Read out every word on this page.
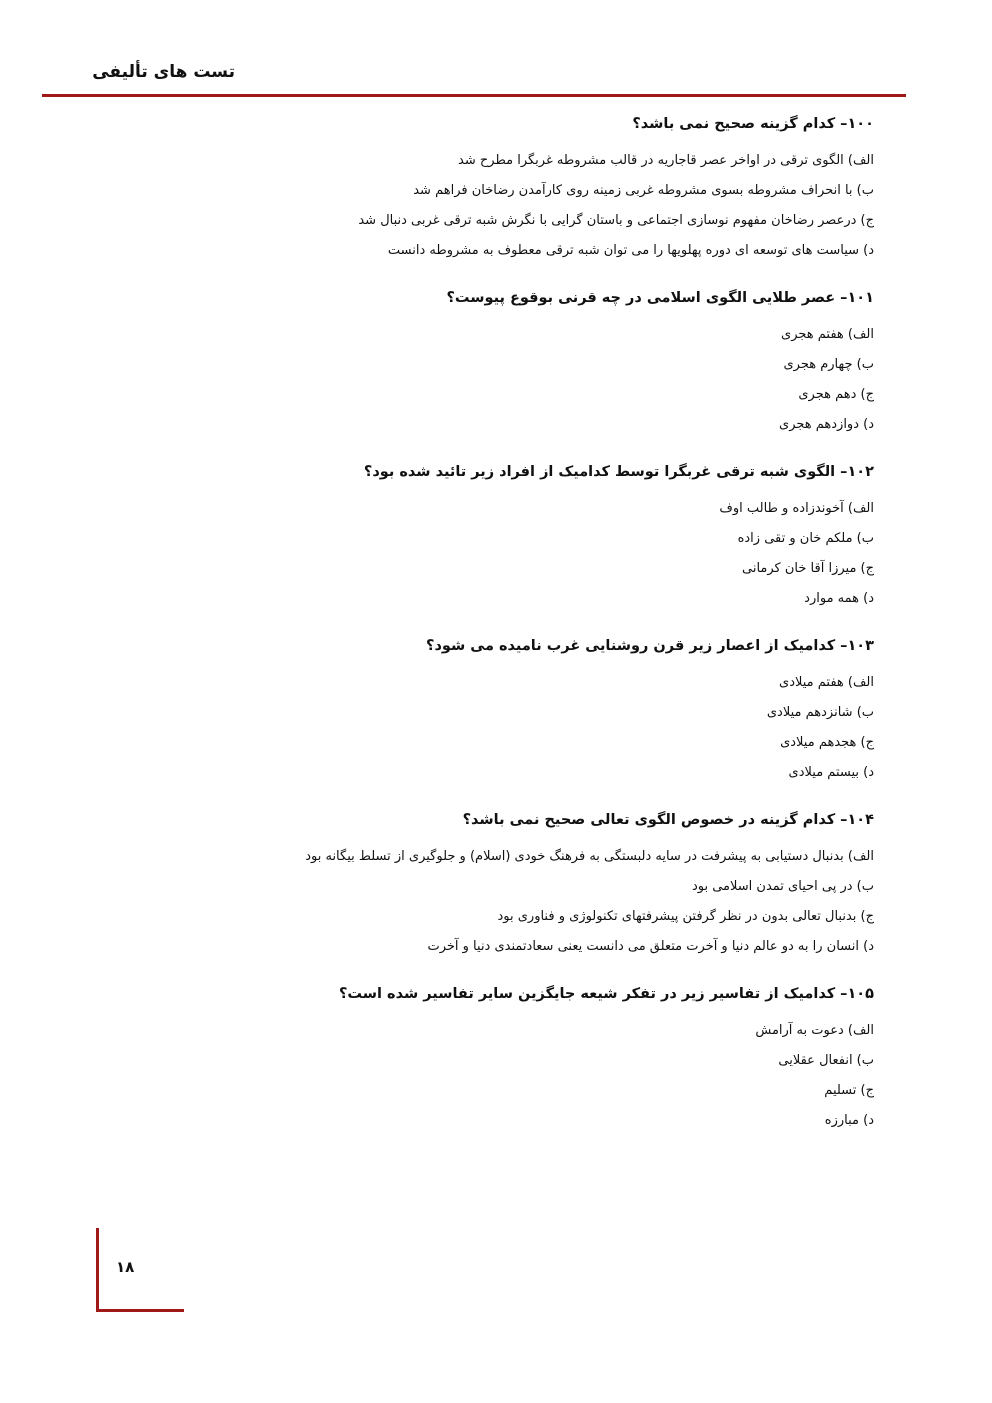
تست های تألیفی
۱۰۰– کدام گزینه صحیح نمی باشد؟
الف) الگوی ترقی در اواخر عصر قاجاریه در قالب مشروطه غربگرا مطرح شد
ب) با انحراف مشروطه بسوی مشروطه غربی زمینه روی کارآمدن رضاخان فراهم شد
ج) درعصر رضاخان مفهوم نوسازی اجتماعی و باستان گرایی با نگرش شبه ترقی غربی دنبال شد
د) سیاست های توسعه ای دوره پهلویها را می توان شبه ترقی معطوف به مشروطه دانست
۱۰۱– عصر طلایی الگوی اسلامی در چه قرنی بوقوع پیوست؟
الف) هفتم هجری
ب) چهارم هجری
ج) دهم هجری
د) دوازدهم هجری
۱۰۲– الگوی شبه ترقی غربگرا توسط کدامیک از افراد زیر تائید شده بود؟
الف) آخوندزاده و طالب اوف
ب) ملکم خان و تقی زاده
ج) میرزا آقا خان کرمانی
د) همه موارد
۱۰۳– کدامیک از اعصار زیر قرن روشنایی غرب نامیده می شود؟
الف) هفتم میلادی
ب) شانزدهم میلادی
ج) هجدهم میلادی
د) بیستم میلادی
۱۰۴– کدام گزینه در خصوص الگوی تعالی صحیح نمی باشد؟
الف) بدنبال دستیابی به پیشرفت در سایه دلبستگی به فرهنگ خودی (اسلام) و جلوگیری از تسلط بیگانه بود
ب) در پی احیای تمدن اسلامی بود
ج) بدنبال تعالی بدون در نظر گرفتن پیشرفتهای تکنولوژی و فناوری بود
د) انسان را به دو عالم دنیا و آخرت متعلق می دانست یعنی سعادتمندی دنیا و آخرت
۱۰۵– کدامیک از تفاسیر زیر در تفکر شیعه جایگزین سایر تفاسیر شده است؟
الف) دعوت به آرامش
ب) انفعال عقلایی
ج) تسلیم
د) مبارزه
۱۸
